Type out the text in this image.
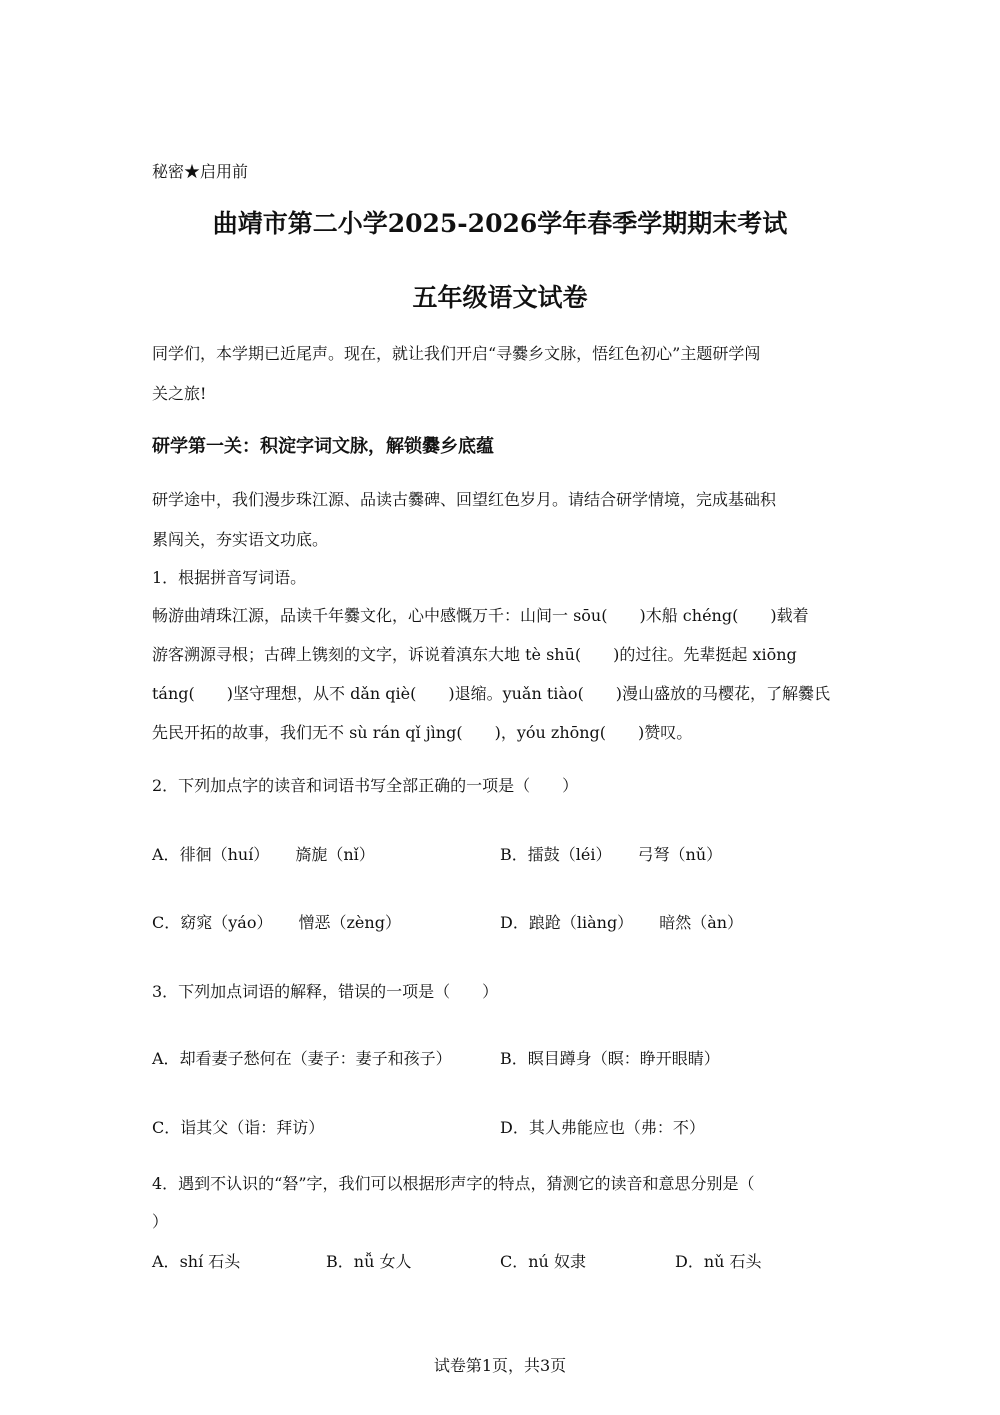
秘密★启用前
曲靖市第二小学2025-2026学年春季学期期末考试
五年级语文试卷
同学们，本学期已近尾声。现在，就让我们开启“寻爨乡文脉，悟红色初心”主题研学闯
关之旅!
研学第一关：积淀字词文脉，解锁爨乡底蕴
研学途中，我们漫步珠江源、品读古爨碑、回望红色岁月。请结合研学情境，完成基础积
累闯关，夯实语文功底。
1．根据拼音写词语。
畅游曲靖珠江源，品读千年爨文化，心中感慨万千：山间一 sōu(　　)木船 chéng(　　)载着
游客溯源寻根；古碑上镌刻的文字，诉说着滇东大地 tè shū(　　)的过往。先辈挺起 xiōng
táng(　　)坚守理想，从不 dǎn qiè(　　)退缩。yuǎn tiào(　　)漫山盛放的马樱花，了解爨氏
先民开拓的故事，我们无不 sù rán qǐ jìng(　　)，yóu zhōng(　　)赞叹。
2．下列加点字的读音和词语书写全部正确的一项是（　　）
A．徘徊（huí） 旖旎（nǐ）	B．擂鼓（léi） 弓弩（nǔ）
C．窈窕（yáo） 憎恶（zèng）	D．踉跄（liàng） 暗然（àn）
3．下列加点词语的解释，错误的一项是（　　）
A．却看妻子愁何在（妻子：妻子和孩子）	B．瞑目蹲身（瞑：睁开眼睛）
C．诣其父（诣：拜访）	D．其人弗能应也（弗：不）
4．遇到不认识的“砮”字，我们可以根据形声字的特点，猜测它的读音和意思分别是（
）
A．shí 石头	B．nǚ 女人	C．nú 奴隶	D．nǔ 石头
试卷第1页，共3页
